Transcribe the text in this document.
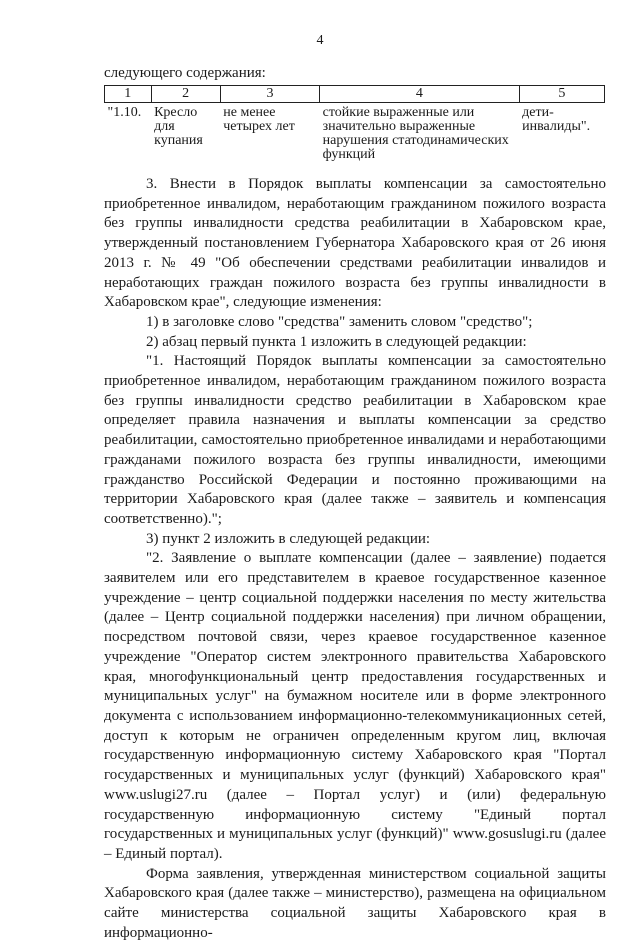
4
следующего содержания:
1	2	3	4	5
"1.10.	Кресло для купания	не менее четырех лет	стойкие выраженные или значительно выраженные нарушения статодинамических функций	дети-инвалиды".

3. Внести в Порядок выплаты компенсации за самостоятельно приобретенное инвалидом, неработающим гражданином пожилого возраста без группы инвалидности средства реабилитации в Хабаровском крае, утвержденный постановлением Губернатора Хабаровского края от 26 июня 2013 г. № 49 "Об обеспечении средствами реабилитации инвалидов и неработающих граждан пожилого возраста без группы инвалидности в Хабаровском крае", следующие изменения:

1) в заголовке слово "средства" заменить словом "средство";

2) абзац первый пункта 1 изложить в следующей редакции:

"1. Настоящий Порядок выплаты компенсации за самостоятельно приобретенное инвалидом, неработающим гражданином пожилого возраста без группы инвалидности средство реабилитации в Хабаровском крае определяет правила назначения и выплаты компенсации за средство реабилитации, самостоятельно приобретенное инвалидами и неработающими гражданами пожилого возраста без группы инвалидности, имеющими гражданство Российской Федерации и постоянно проживающими на территории Хабаровского края (далее также – заявитель и компенсация соответственно).";

3) пункт 2 изложить в следующей редакции:

"2. Заявление о выплате компенсации (далее – заявление) подается заявителем или его представителем в краевое государственное казенное учреждение – центр социальной поддержки населения по месту жительства (далее – Центр социальной поддержки населения) при личном обращении, посредством почтовой связи, через краевое государственное казенное учреждение "Оператор систем электронного правительства Хабаровского края, многофункциональный центр предоставления государственных и муниципальных услуг" на бумажном носителе или в форме электронного документа с использованием информационно-телекоммуникационных сетей, доступ к которым не ограничен определенным кругом лиц, включая государственную информационную систему Хабаровского края "Портал государственных и муниципальных услуг (функций) Хабаровского края" www.uslugi27.ru (далее – Портал услуг) и (или) федеральную государственную информационную систему "Единый портал государственных и муниципальных услуг (функций)" www.gosuslugi.ru (далее – Единый портал).

Форма заявления, утвержденная министерством социальной защиты Хабаровского края (далее также – министерство), размещена на официальном сайте министерства социальной защиты Хабаровского края в информационно-
